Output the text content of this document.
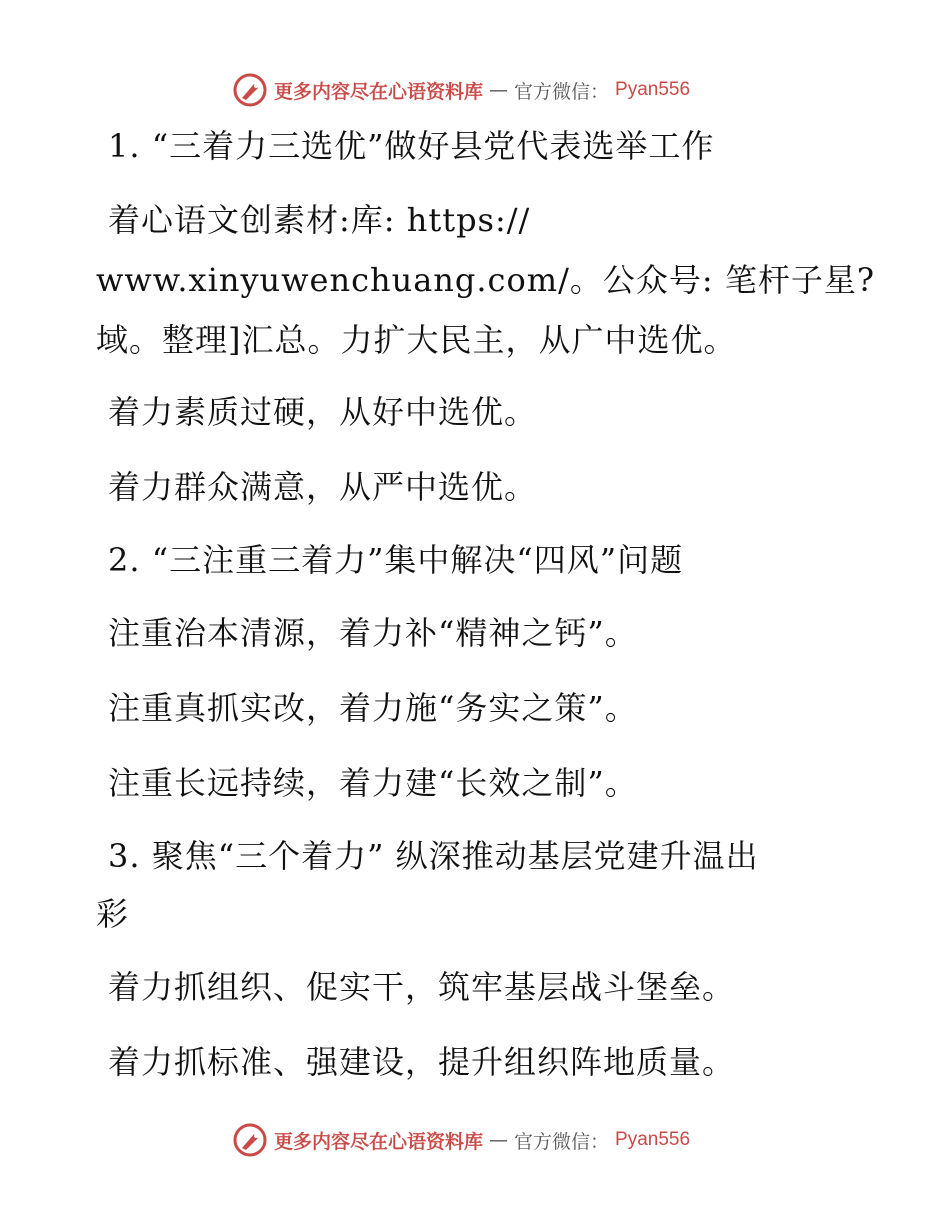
更多内容尽在心语资料库 — 官方微信： Pyan556
1. “三着力三选优”做好县党代表选举工作
着心语文创素材:库: https://
www.xinyuwenchuang.com/。公众号: 笔杆子星?
域。整理]汇总。力扩大民主，从广中选优。
着力素质过硬，从好中选优。
着力群众满意，从严中选优。
2. “三注重三着力”集中解决“四风”问题
注重治本清源，着力补“精神之钙”。
注重真抓实改，着力施“务实之策”。
注重长远持续，着力建“长效之制”。
3. 聚焦“三个着力” 纵深推动基层党建升温出
彩
着力抓组织、促实干，筑牢基层战斗堡垒。
着力抓标准、强建设，提升组织阵地质量。
更多内容尽在心语资料库 — 官方微信： Pyan556
